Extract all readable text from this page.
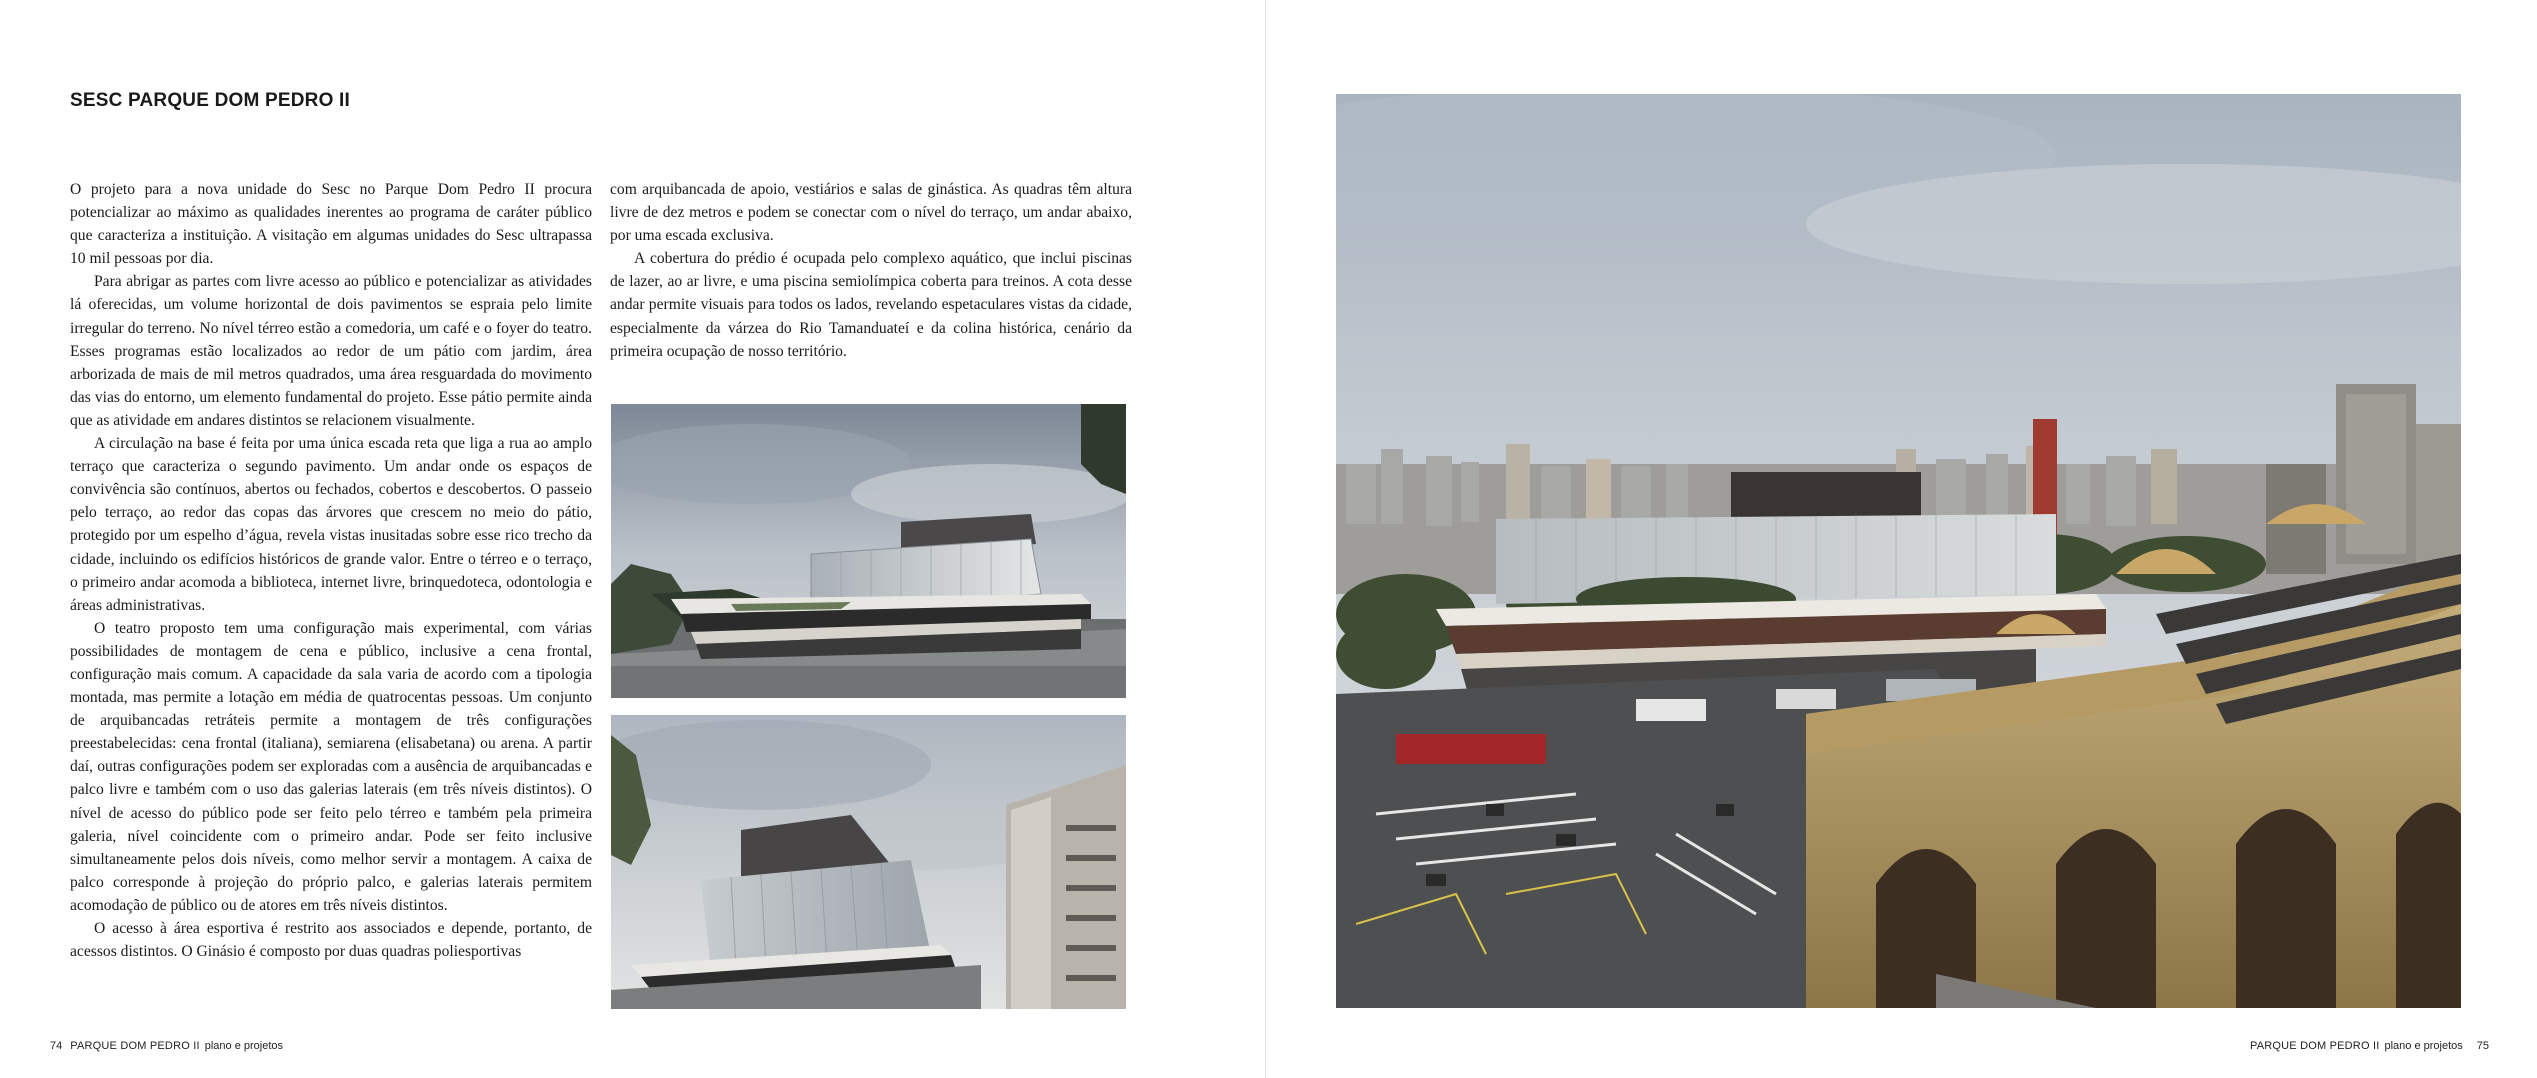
SESC PARQUE DOM PEDRO II

O projeto para a nova unidade do Sesc no Parque Dom Pedro II procura potencializar ao máximo as qualidades inerentes ao programa de caráter público que caracteriza a instituição. A visitação em algumas unidades do Sesc ultrapassa 10 mil pessoas por dia.

Para abrigar as partes com livre acesso ao público e potencializar as atividades lá oferecidas, um volume horizontal de dois pavimentos se espraia pelo limite irregular do terreno. No nível térreo estão a comedoria, um café e o foyer do teatro. Esses programas estão localizados ao redor de um pátio com jardim, área arborizada de mais de mil metros quadrados, uma área resguardada do movimento das vias do entorno, um elemento fundamental do projeto. Esse pátio permite ainda que as atividade em andares distintos se relacionem visualmente.

A circulação na base é feita por uma única escada reta que liga a rua ao amplo terraço que caracteriza o segundo pavimento. Um andar onde os espaços de convivência são contínuos, abertos ou fechados, cobertos e descobertos. O passeio pelo terraço, ao redor das copas das árvores que crescem no meio do pátio, protegido por um espelho d’água, revela vistas inusitadas sobre esse rico trecho da cidade, incluindo os edifícios históricos de grande valor. Entre o térreo e o terraço, o primeiro andar acomoda a biblioteca, internet livre, brinquedoteca, odontologia e áreas administrativas.

O teatro proposto tem uma configuração mais experimental, com várias possibilidades de montagem de cena e público, inclusive a cena frontal, configuração mais comum. A capacidade da sala varia de acordo com a tipologia montada, mas permite a lotação em média de quatrocentas pessoas. Um conjunto de arquibancadas retráteis permite a montagem de três configurações preestabelecidas: cena frontal (italiana), semiarena (elisabetana) ou arena. A partir daí, outras configurações podem ser exploradas com a ausência de arquibancadas e palco livre e também com o uso das galerias laterais (em três níveis distintos). O nível de acesso do público pode ser feito pelo térreo e também pela primeira galeria, nível coincidente com o primeiro andar. Pode ser feito inclusive simultaneamente pelos dois níveis, como melhor servir a montagem. A caixa de palco corresponde à projeção do próprio palco, e galerias laterais permitem acomodação de público ou de atores em três níveis distintos.

O acesso à área esportiva é restrito aos associados e depende, portanto, de acessos distintos. O Ginásio é composto por duas quadras poliesportivas

com arquibancada de apoio, vestiários e salas de ginástica. As quadras têm altura livre de dez metros e podem se conectar com o nível do terraço, um andar abaixo, por uma escada exclusiva.

A cobertura do prédio é ocupada pelo complexo aquático, que inclui piscinas de lazer, ao ar livre, e uma piscina semiolímpica coberta para treinos. A cota desse andar permite visuais para todos os lados, revelando espetaculares vistas da cidade, especialmente da várzea do Rio Tamanduateí e da colina histórica, cenário da primeira ocupação de nosso território.

74 PARQUE DOM PEDRO II plano e projetos	PARQUE DOM PEDRO II plano e projetos 75
